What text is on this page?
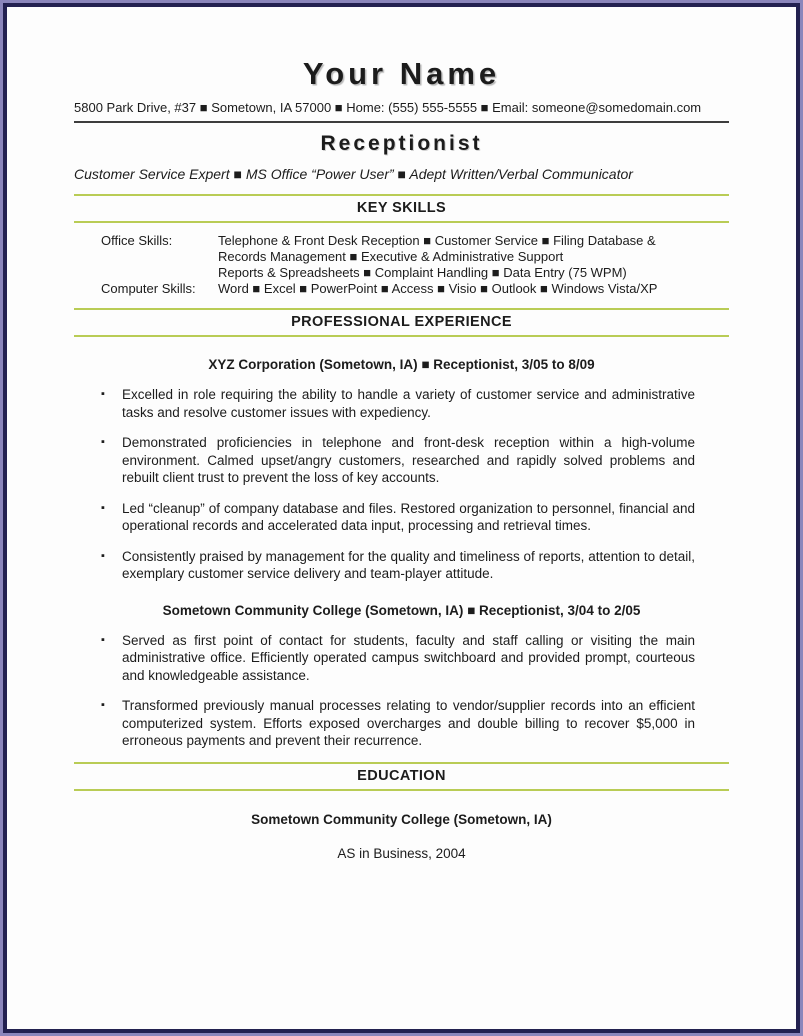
Your Name
5800 Park Drive, #37 ■ Sometown, IA 57000 ■ Home: (555) 555-5555 ■ Email: someone@somedomain.com
Receptionist
Customer Service Expert ■ MS Office “Power User” ■ Adept Written/Verbal Communicator
KEY SKILLS
Office Skills:	Telephone & Front Desk Reception ■ Customer Service ■ Filing Database & Records Management ■ Executive & Administrative Support
Reports & Spreadsheets ■ Complaint Handling ■ Data Entry (75 WPM)
Computer Skills:	Word ■ Excel ■ PowerPoint ■ Access ■ Visio ■ Outlook ■ Windows Vista/XP
PROFESSIONAL EXPERIENCE
XYZ Corporation (Sometown, IA) ■ Receptionist, 3/05 to 8/09
▪ Excelled in role requiring the ability to handle a variety of customer service and administrative tasks and resolve customer issues with expediency.
▪ Demonstrated proficiencies in telephone and front-desk reception within a high-volume environment. Calmed upset/angry customers, researched and rapidly solved problems and rebuilt client trust to prevent the loss of key accounts.
▪ Led “cleanup” of company database and files. Restored organization to personnel, financial and operational records and accelerated data input, processing and retrieval times.
▪ Consistently praised by management for the quality and timeliness of reports, attention to detail, exemplary customer service delivery and team-player attitude.
Sometown Community College (Sometown, IA) ■ Receptionist, 3/04 to 2/05
▪ Served as first point of contact for students, faculty and staff calling or visiting the main administrative office. Efficiently operated campus switchboard and provided prompt, courteous and knowledgeable assistance.
▪ Transformed previously manual processes relating to vendor/supplier records into an efficient computerized system. Efforts exposed overcharges and double billing to recover $5,000 in erroneous payments and prevent their recurrence.
EDUCATION
Sometown Community College (Sometown, IA)
AS in Business, 2004
